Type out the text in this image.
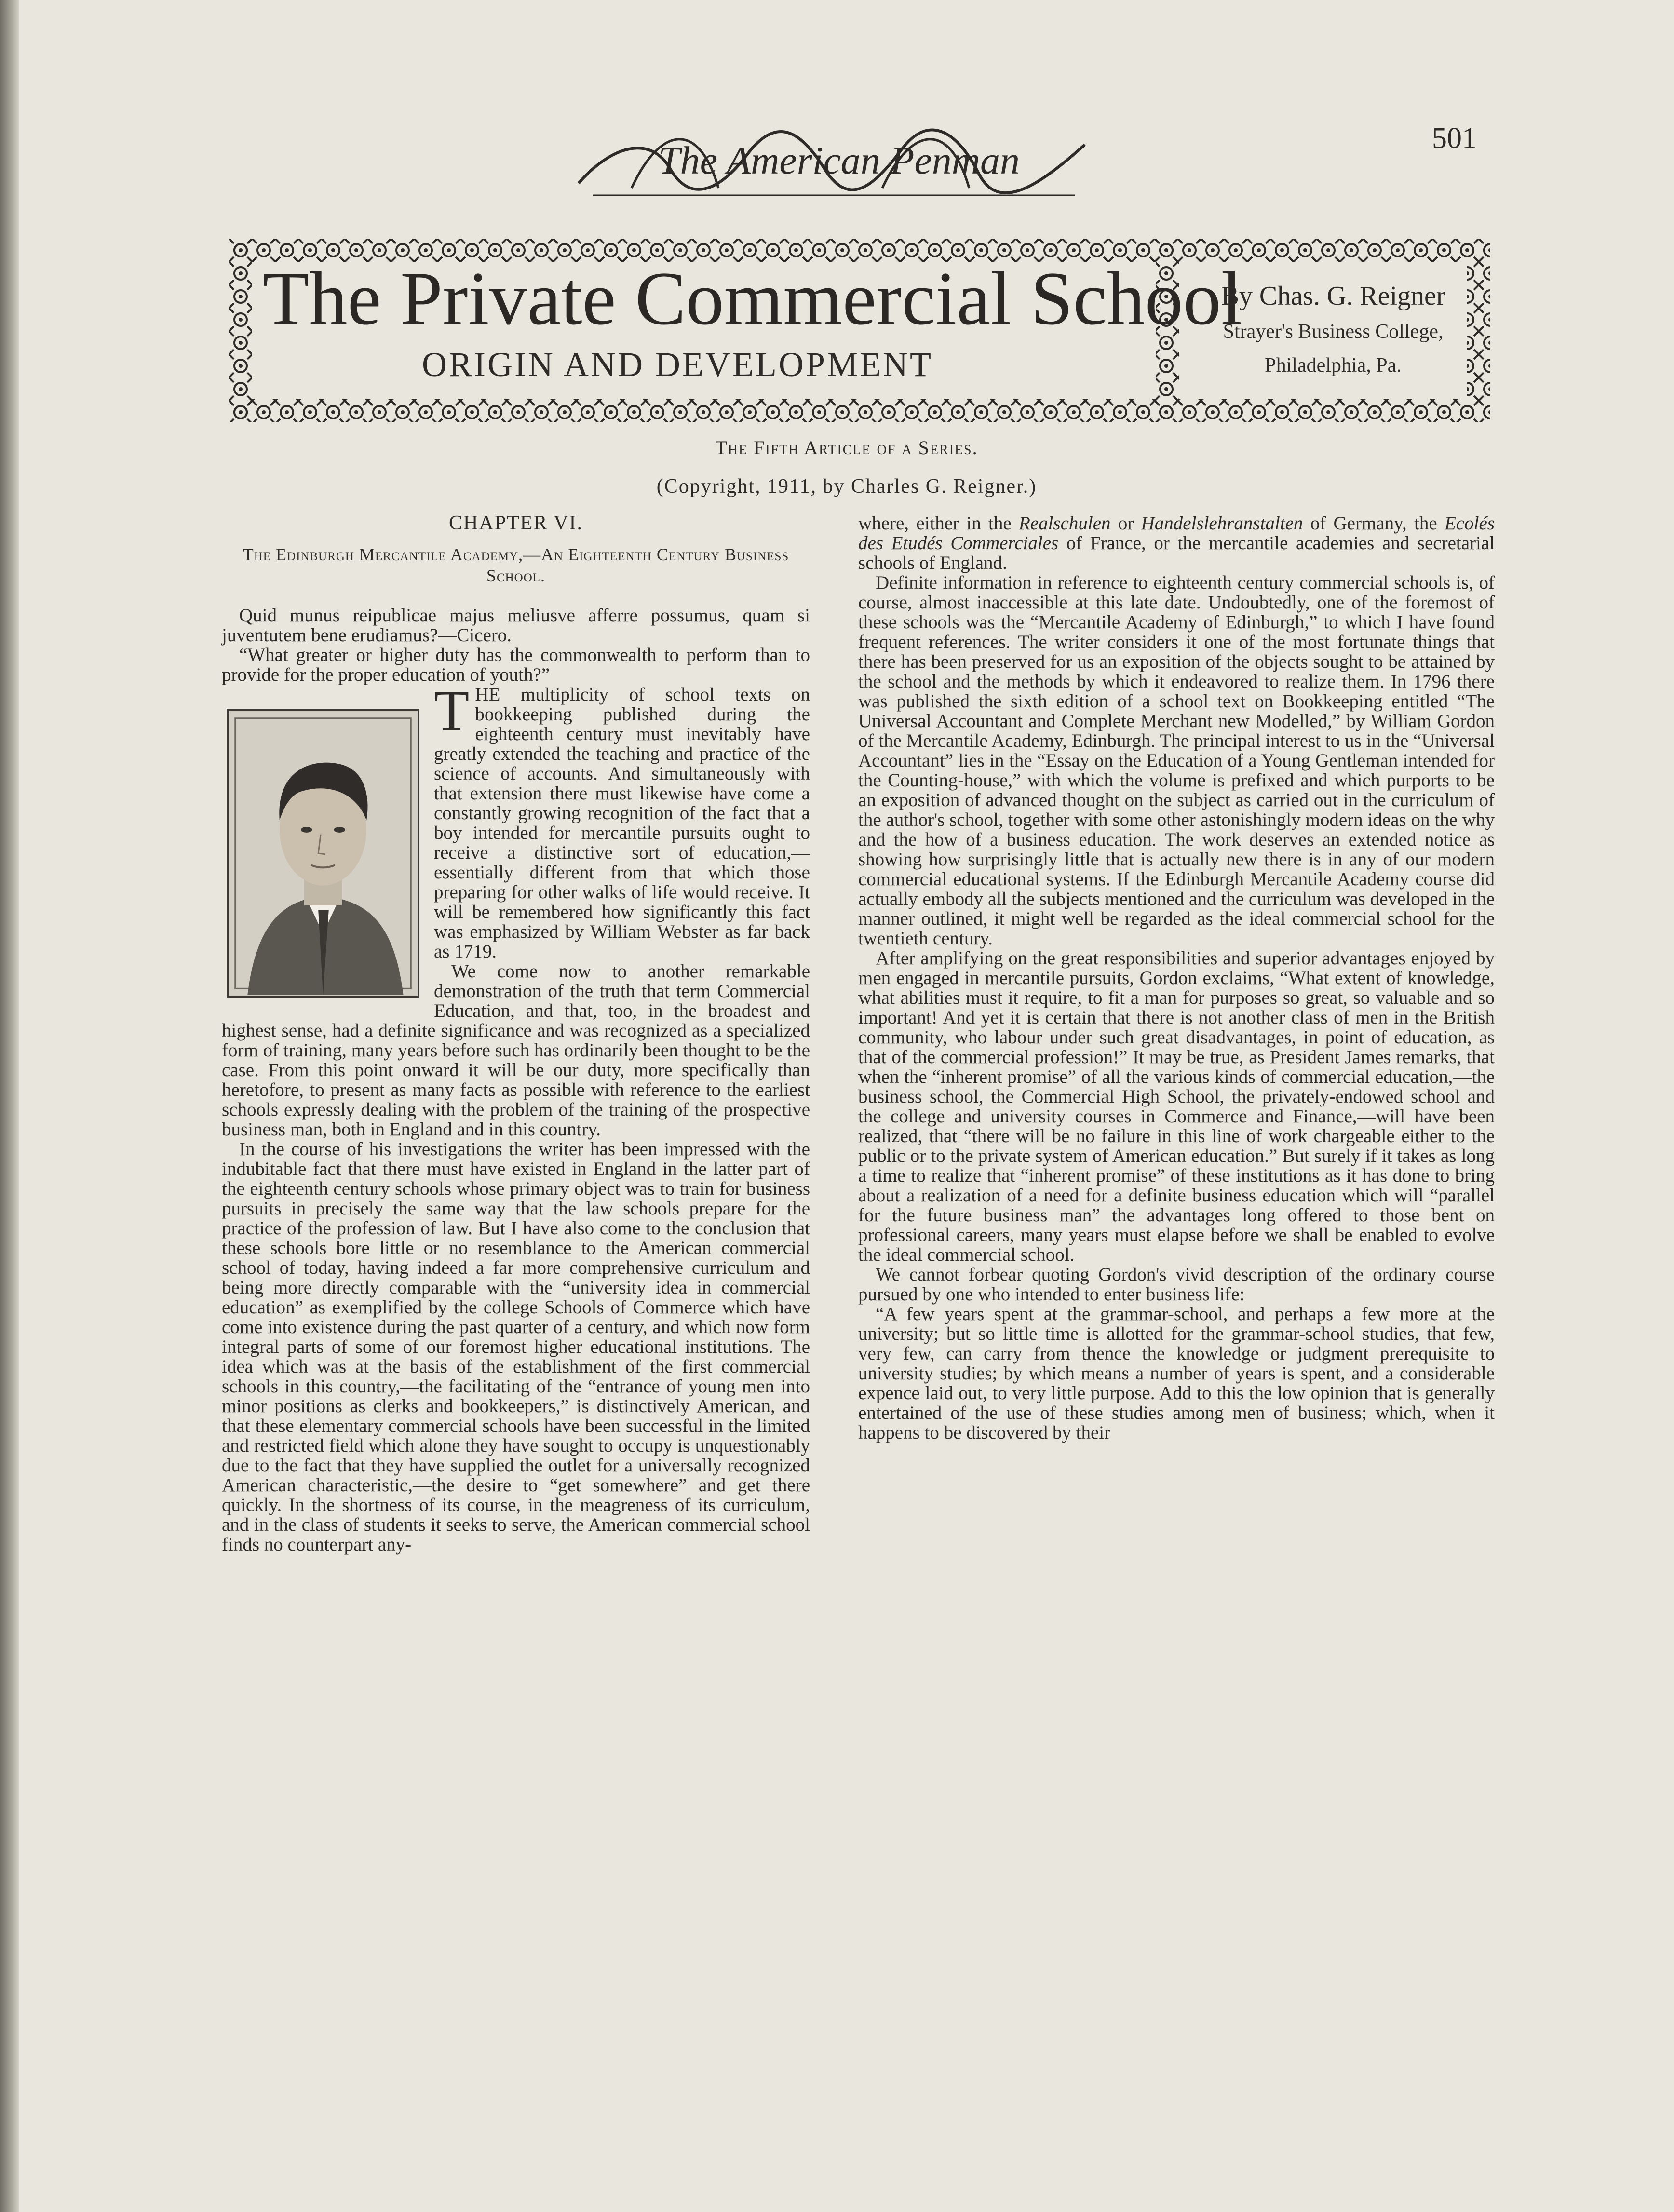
The American Penman	501
The Private Commercial School
ORIGIN AND DEVELOPMENT
By Chas. G. Reigner
Strayer's Business College,
Philadelphia, Pa.
The Fifth Article of a Series.
(Copyright, 1911, by Charles G. Reigner.)
CHAPTER VI.
The Edinburgh Mercantile Academy,—An Eighteenth Century Business School.

Quid munus reipublicae majus meliusve afferre possumus, quam si juventutem bene erudiamus?—Cicero.

“What greater or higher duty has the commonwealth to perform than to provide for the proper education of youth?”

THE multiplicity of school texts on bookkeeping published during the eighteenth century must inevitably have greatly extended the teaching and practice of the science of accounts. And simultaneously with that extension there must likewise have come a constantly growing recognition of the fact that a boy intended for mercantile pursuits ought to receive a distinctive sort of education,—essentially different from that which those preparing for other walks of life would receive. It will be remembered how significantly this fact was emphasized by William Webster as far back as 1719.

We come now to another remarkable demonstration of the truth that term Commercial Education, and that, too, in the broadest and highest sense, had a definite significance and was recognized as a specialized form of training, many years before such has ordinarily been thought to be the case. From this point onward it will be our duty, more specifically than heretofore, to present as many facts as possible with reference to the earliest schools expressly dealing with the problem of the training of the prospective business man, both in England and in this country.

In the course of his investigations the writer has been impressed with the indubitable fact that there must have existed in England in the latter part of the eighteenth century schools whose primary object was to train for business pursuits in precisely the same way that the law schools prepare for the practice of the profession of law. But I have also come to the conclusion that these schools bore little or no resemblance to the American commercial school of today, having indeed a far more comprehensive curriculum and being more directly comparable with the “university idea in commercial education” as exemplified by the college Schools of Commerce which have come into existence during the past quarter of a century, and which now form integral parts of some of our foremost higher educational institutions. The idea which was at the basis of the establishment of the first commercial schools in this country,—the facilitating of the “entrance of young men into minor positions as clerks and bookkeepers,” is distinctively American, and that these elementary commercial schools have been successful in the limited and restricted field which alone they have sought to occupy is unquestionably due to the fact that they have supplied the outlet for a universally recognized American characteristic,—the desire to “get somewhere” and get there quickly. In the shortness of its course, in the meagreness of its curriculum, and in the class of students it seeks to serve, the American commercial school finds no counterpart any-

where, either in the Realschulen or Handelslehranstalten of Germany, the Ecolés des Etudés Commerciales of France, or the mercantile academies and secretarial schools of England.

Definite information in reference to eighteenth century commercial schools is, of course, almost inaccessible at this late date. Undoubtedly, one of the foremost of these schools was the “Mercantile Academy of Edinburgh,” to which I have found frequent references. The writer considers it one of the most fortunate things that there has been preserved for us an exposition of the objects sought to be attained by the school and the methods by which it endeavored to realize them. In 1796 there was published the sixth edition of a school text on Bookkeeping entitled “The Universal Accountant and Complete Merchant new Modelled,” by William Gordon of the Mercantile Academy, Edinburgh. The principal interest to us in the “Universal Accountant” lies in the “Essay on the Education of a Young Gentleman intended for the Counting-house,” with which the volume is prefixed and which purports to be an exposition of advanced thought on the subject as carried out in the curriculum of the author's school, together with some other astonishingly modern ideas on the why and the how of a business education. The work deserves an extended notice as showing how surprisingly little that is actually new there is in any of our modern commercial educational systems. If the Edinburgh Mercantile Academy course did actually embody all the subjects mentioned and the curriculum was developed in the manner outlined, it might well be regarded as the ideal commercial school for the twentieth century.

After amplifying on the great responsibilities and superior advantages enjoyed by men engaged in mercantile pursuits, Gordon exclaims, “What extent of knowledge, what abilities must it require, to fit a man for purposes so great, so valuable and so important! And yet it is certain that there is not another class of men in the British community, who labour under such great disadvantages, in point of education, as that of the commercial profession!” It may be true, as President James remarks, that when the “inherent promise” of all the various kinds of commercial education,—the business school, the Commercial High School, the privately-endowed school and the college and university courses in Commerce and Finance,—will have been realized, that “there will be no failure in this line of work chargeable either to the public or to the private system of American education.” But surely if it takes as long a time to realize that “inherent promise” of these institutions as it has done to bring about a realization of a need for a definite business education which will “parallel for the future business man” the advantages long offered to those bent on professional careers, many years must elapse before we shall be enabled to evolve the ideal commercial school.

We cannot forbear quoting Gordon's vivid description of the ordinary course pursued by one who intended to enter business life:

“A few years spent at the grammar-school, and perhaps a few more at the university; but so little time is allotted for the grammar-school studies, that few, very few, can carry from thence the knowledge or judgment prerequisite to university studies; by which means a number of years is spent, and a considerable expence laid out, to very little purpose. Add to this the low opinion that is generally entertained of the use of these studies among men of business; which, when it happens to be discovered by their
